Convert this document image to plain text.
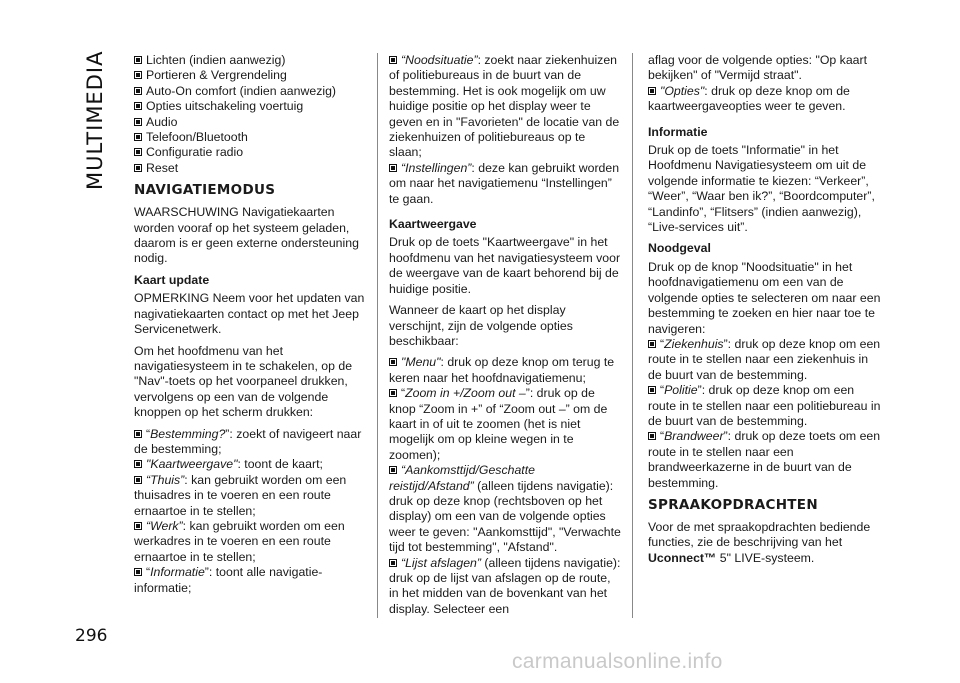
MULTIMEDIA
296
Lichten (indien aanwezig)
Portieren & Vergrendeling
Auto-On comfort (indien aanwezig)
Opties uitschakeling voertuig
Audio
Telefoon/Bluetooth
Configuratie radio
Reset
NAVIGATIEMODUS

WAARSCHUWING Navigatiekaarten worden vooraf op het systeem geladen, daarom is er geen externe ondersteuning nodig.

Kaart update

OPMERKING Neem voor het updaten van nagivatiekaarten contact op met het Jeep Servicenetwerk.

Om het hoofdmenu van het navigatiesysteem in te schakelen, op de "Nav"-toets op het voorpaneel drukken, vervolgens op een van de volgende knoppen op het scherm drukken:

“Bestemming?”: zoekt of navigeert naar de bestemming;
"Kaartweergave": toont de kaart;
“Thuis”: kan gebruikt worden om een thuisadres in te voeren en een route ernaartoe in te stellen;
“Werk”: kan gebruikt worden om een werkadres in te voeren en een route ernaartoe in te stellen;
“Informatie”: toont alle navigatie-informatie;
“Noodsituatie”: zoekt naar ziekenhuizen of politiebureaus in de buurt van de bestemming. Het is ook mogelijk om uw huidige positie op het display weer te geven en in "Favorieten" de locatie van de ziekenhuizen of politiebureaus op te slaan;
“Instellingen”: deze kan gebruikt worden om naar het navigatiemenu “Instellingen” te gaan.
Kaartweergave

Druk op de toets "Kaartweergave" in het hoofdmenu van het navigatiesysteem voor de weergave van de kaart behorend bij de huidige positie.

Wanneer de kaart op het display verschijnt, zijn de volgende opties beschikbaar:

"Menu": druk op deze knop om terug te keren naar het hoofdnavigatiemenu;
“Zoom in +/Zoom out –”: druk op de knop “Zoom in +” of “Zoom out –” om de kaart in of uit te zoomen (het is niet mogelijk om op kleine wegen in te zoomen);
“Aankomsttijd/Geschatte reistijd/Afstand” (alleen tijdens navigatie): druk op deze knop (rechtsboven op het display) om een van de volgende opties weer te geven: "Aankomsttijd", "Verwachte tijd tot bestemming", "Afstand".
“Lijst afslagen” (alleen tijdens navigatie): druk op de lijst van afslagen op de route, in het midden van de bovenkant van het display. Selecteer een

aflag voor de volgende opties: "Op kaart bekijken" of "Vermijd straat".

"Opties": druk op deze knop om de kaartweergaveopties weer te geven.
Informatie

Druk op de toets "Informatie" in het Hoofdmenu Navigatiesysteem om uit de volgende informatie te kiezen: “Verkeer”, “Weer”, “Waar ben ik?”, “Boordcomputer”, “Landinfo”, “Flitsers” (indien aanwezig), “Live-services uit”.

Noodgeval

Druk op de knop "Noodsituatie" in het hoofdnavigatiemenu om een van de volgende opties te selecteren om naar een bestemming te zoeken en hier naar toe te navigeren:

“Ziekenhuis”: druk op deze knop om een route in te stellen naar een ziekenhuis in de buurt van de bestemming.
“Politie”: druk op deze knop om een route in te stellen naar een politiebureau in de buurt van de bestemming.
“Brandweer”: druk op deze toets om een route in te stellen naar een brandweerkazerne in de buurt van de bestemming.
SPRAAKOPDRACHTEN

Voor de met spraakopdrachten bediende functies, zie de beschrijving van het Uconnect™ 5" LIVE-systeem.

carmanualsonline.info
